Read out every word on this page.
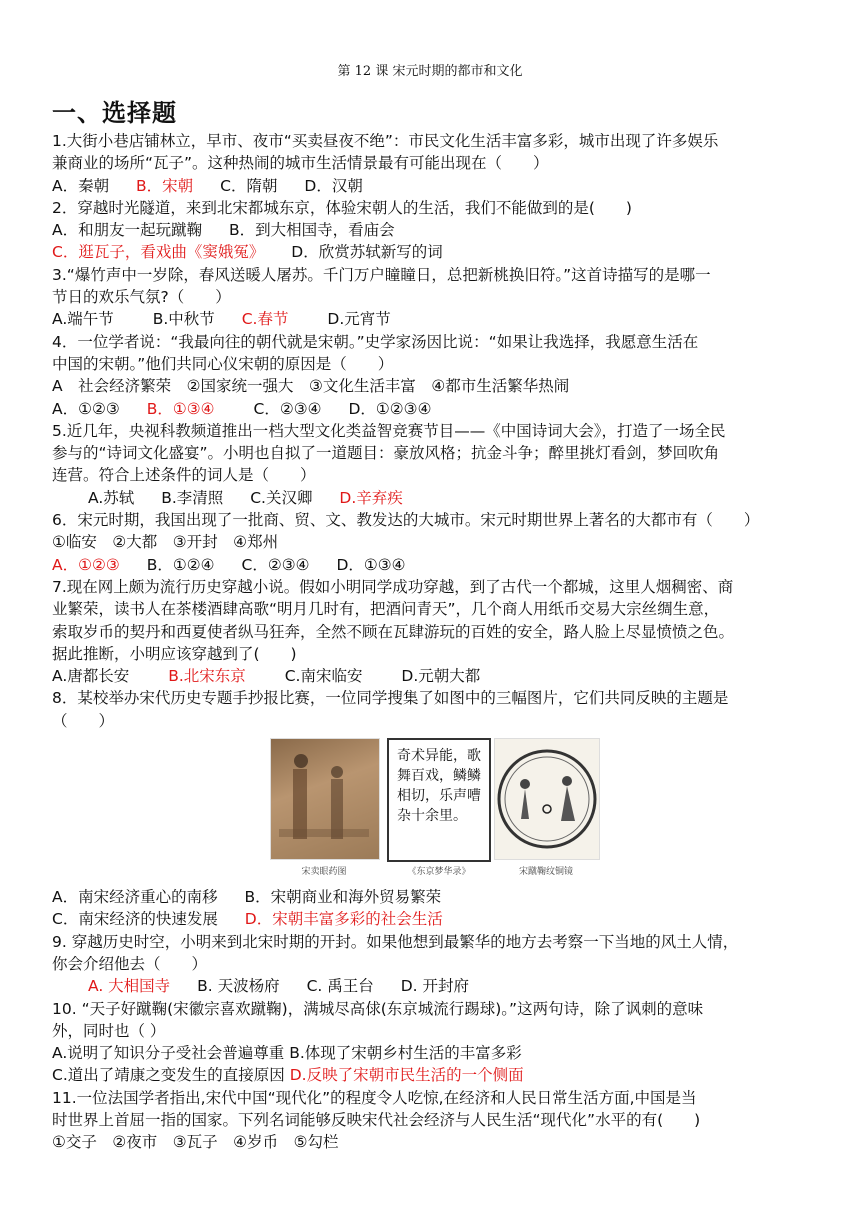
第 12 课 宋元时期的都市和文化
一、选择题
1.大街小巷店铺林立，早市、夜市“买卖昼夜不绝”：市民文化生活丰富多彩，城市出现了许多娱乐
兼商业的场所“瓦子”。这种热闹的城市生活情景最有可能出现在（　　）
A．秦朝 B．宋朝 C．隋朝 D．汉朝
2．穿越时光隧道，来到北宋都城东京，体验宋朝人的生活，我们不能做到的是(　　)
A．和朋友一起玩蹴鞠 B．到大相国寺，看庙会
C．逛瓦子，看戏曲《窦娥冤》 D．欣赏苏轼新写的词
3.“爆竹声中一岁除，春风送暖人屠苏。千门万户瞳瞳日，总把新桃换旧符。”这首诗描写的是哪一
节日的欢乐气氛?（　　）
A.端午节	B.中秋节 C.春节	D.元宵节
4．一位学者说：“我最向往的朝代就是宋朝。”史学家汤因比说：“如果让我选择，我愿意生活在
中国的宋朝。”他们共同心仪宋朝的原因是（　　）
A　社会经济繁荣　②国家统一强大　③文化生活丰富　④都市生活繁华热闹
A．①②③ B．①③④	C．②③④ D．①②③④
5.近几年，央视科教频道推出一档大型文化类益智竞赛节目——《中国诗词大会》，打造了一场全民
参与的“诗词文化盛宴”。小明也自拟了一道题目：豪放风格；抗金斗争；醉里挑灯看剑，梦回吹角
连营。符合上述条件的词人是（　　）
A.苏轼 B.李清照 C.关汉卿 D.辛弃疾
6．宋元时期，我国出现了一批商、贸、文、教发达的大城市。宋元时期世界上著名的大都市有（　　）
①临安　②大都　③开封　④郑州
A．①②③ B．①②④ C．②③④ D．①③④
7.现在网上颇为流行历史穿越小说。假如小明同学成功穿越，到了古代一个都城，这里人烟稠密、商
业繁荣，读书人在茶楼酒肆高歌“明月几时有，把酒问青天”，几个商人用纸币交易大宗丝绸生意，
索取岁币的契丹和西夏使者纵马狂奔，全然不顾在瓦肆游玩的百姓的安全，路人脸上尽显愤愤之色。
据此推断，小明应该穿越到了(　　)
A.唐都长安	B.北宋东京	C.南宋临安	D.元朝大都
8．某校举办宋代历史专题手抄报比赛，一位同学搜集了如图中的三幅图片，它们共同反映的主题是
（　　）
奇术异能，歌舞百戏，鳞鳞相切，乐声嘈杂十余里。
宋卖眼药图	《东京梦华录》	宋蹴鞠纹铜镜
A．南宋经济重心的南移 B．宋朝商业和海外贸易繁荣
C．南宋经济的快速发展 D．宋朝丰富多彩的社会生活
9. 穿越历史时空，小明来到北宋时期的开封。如果他想到最繁华的地方去考察一下当地的风土人情，
你会介绍他去（　　）
A. 大相国寺 B. 天波杨府 C. 禹王台 D. 开封府
10. “天子好蹴鞠(宋徽宗喜欢蹴鞠)，满城尽高俅(东京城流行踢球)。”这两句诗，除了讽刺的意味
外，同时也（ ）
A.说明了知识分子受社会普遍尊重 B.体现了宋朝乡村生活的丰富多彩
C.道出了靖康之变发生的直接原因 D.反映了宋朝市民生活的一个侧面
11.一位法国学者指出,宋代中国“现代化”的程度令人吃惊,在经济和人民日常生活方面,中国是当
时世界上首屈一指的国家。下列名词能够反映宋代社会经济与人民生活“现代化”水平的有(　　)
①交子　②夜市　③瓦子　④岁币　⑤勾栏
